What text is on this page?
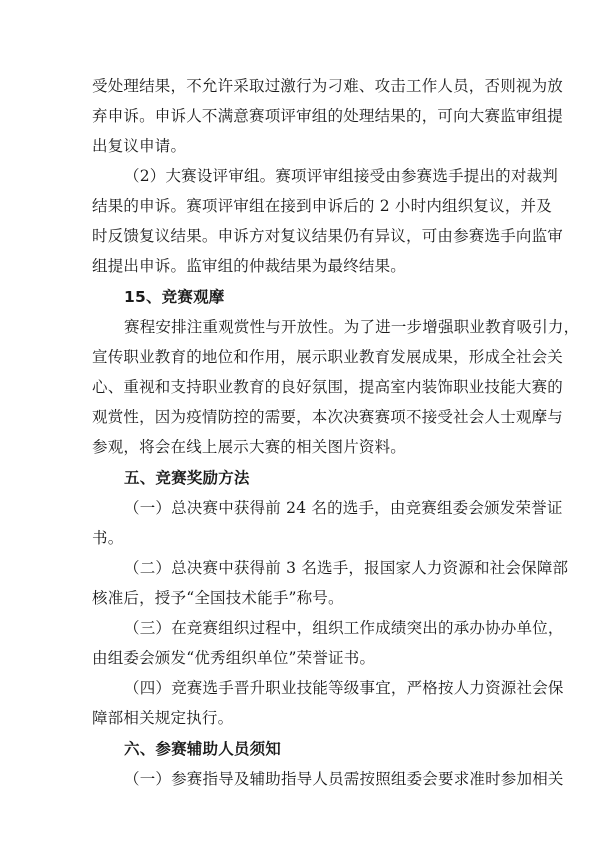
受处理结果，不允许采取过激行为刁难、攻击工作人员，否则视为放
弃申诉。申诉人不满意赛项评审组的处理结果的，可向大赛监审组提
出复议申请。
（2）大赛设评审组。赛项评审组接受由参赛选手提出的对裁判
结果的申诉。赛项评审组在接到申诉后的 2 小时内组织复议，并及
时反馈复议结果。申诉方对复议结果仍有异议，可由参赛选手向监审
组提出申诉。监审组的仲裁结果为最终结果。
15、竞赛观摩
赛程安排注重观赏性与开放性。为了进一步增强职业教育吸引力，
宣传职业教育的地位和作用，展示职业教育发展成果，形成全社会关
心、重视和支持职业教育的良好氛围，提高室内装饰职业技能大赛的
观赏性，因为疫情防控的需要，本次决赛赛项不接受社会人士观摩与
参观，将会在线上展示大赛的相关图片资料。
五、竞赛奖励方法
（一）总决赛中获得前 24 名的选手，由竞赛组委会颁发荣誉证
书。
（二）总决赛中获得前 3 名选手，报国家人力资源和社会保障部
核准后，授予“全国技术能手”称号。
（三）在竞赛组织过程中，组织工作成绩突出的承办协办单位，
由组委会颁发“优秀组织单位”荣誉证书。
（四）竞赛选手晋升职业技能等级事宜，严格按人力资源社会保
障部相关规定执行。
六、参赛辅助人员须知
（一）参赛指导及辅助指导人员需按照组委会要求准时参加相关
